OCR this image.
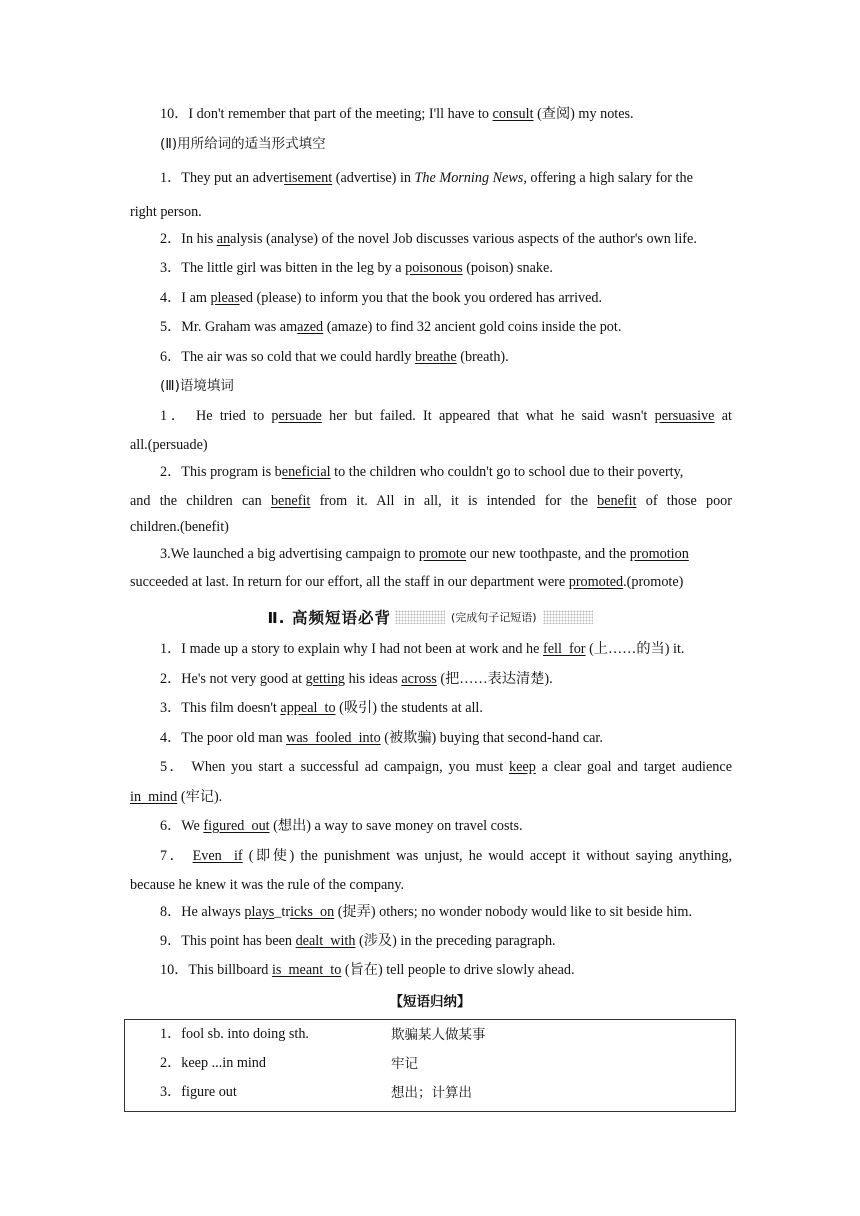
10．I don't remember that part of the meeting; I'll have to consult (查阅) my notes.
(Ⅱ)用所给词的适当形式填空
1．They put an advertisement (advertise) in The Morning News, offering a high salary for the
right person.
2．In his analysis (analyse) of the novel Job discusses various aspects of the author's own life.
3．The little girl was bitten in the leg by a poisonous (poison) snake.
4．I am pleased (please) to inform you that the book you ordered has arrived.
5．Mr. Graham was amazed (amaze) to find 32 ancient gold coins inside the pot.
6．The air was so cold that we could hardly breathe (breath).
(Ⅲ)语境填词
1． He tried to persuade her but failed. It appeared that what he said wasn't persuasive at
all.(persuade)
2．This program is beneficial to the children who couldn't go to school due to their poverty,
and the children can benefit from it. All in all, it is intended for the benefit of those poor
children.(benefit)
3.We launched a big advertising campaign to promote our new toothpaste, and the promotion
succeeded at last. In return for our effort, all the staff in our department were promoted.(promote)
Ⅱ. 高频短语必背	(完成句子记短语)
1．I made up a story to explain why I had not been at work and he fell  for (上……的当) it.
2．He's not very good at getting his ideas across (把……表达清楚).
3．This film doesn't appeal  to (吸引) the students at all.
4．The poor old man was  fooled  into (被欺骗) buying that second-hand car.
5． When you start a successful ad campaign, you must keep a clear goal and target audience
in  mind (牢记).
6．We figured  out (想出) a way to save money on travel costs.
7． Even  if (即使) the punishment was unjust, he would accept it without saying anything,
because he knew it was the rule of the company.
8．He always plays_tricks  on (捉弄) others; no wonder nobody would like to sit beside him.
9．This point has been dealt  with (涉及) in the preceding paragraph.
10．This billboard is  meant  to (旨在) tell people to drive slowly ahead.
【短语归纳】
1．fool sb. into doing sth.	欺骗某人做某事
2．keep ...in mind	牢记
3．figure out	想出；计算出
